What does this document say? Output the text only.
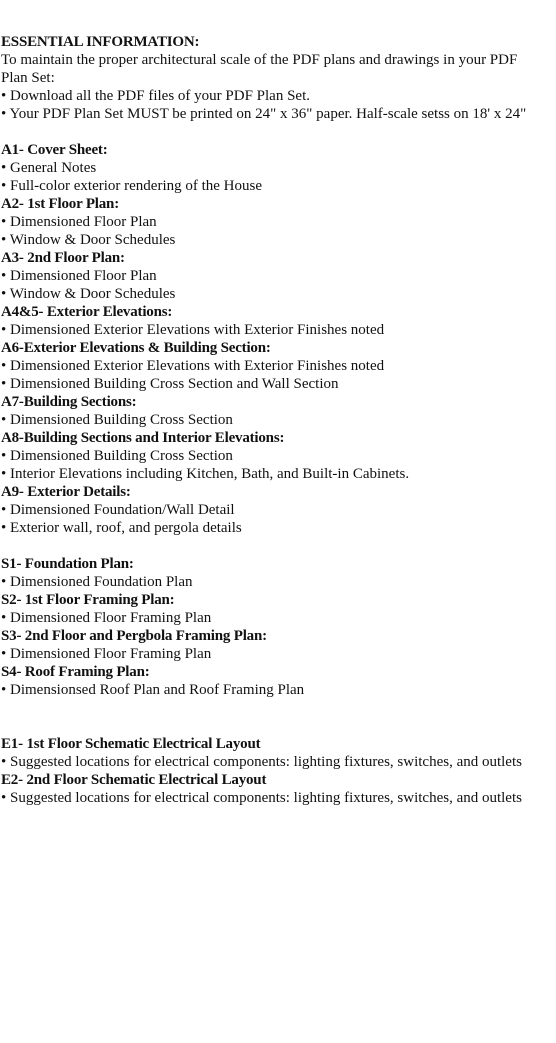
ESSENTIAL INFORMATION:
To maintain the proper architectural scale of the PDF plans and drawings in your PDF Plan Set:
• Download all the PDF files of your PDF Plan Set.
• Your PDF Plan Set MUST be printed on 24" x 36" paper. Half-scale setss on 18' x 24"
A1- Cover Sheet:
• General Notes
• Full-color exterior rendering of the House
A2- 1st Floor Plan:
• Dimensioned Floor Plan
• Window & Door Schedules
A3- 2nd Floor Plan:
• Dimensioned Floor Plan
• Window & Door Schedules
A4&5- Exterior Elevations:
• Dimensioned Exterior Elevations with Exterior Finishes noted
A6-Exterior Elevations & Building Section:
• Dimensioned Exterior Elevations with Exterior Finishes noted
• Dimensioned Building Cross Section and Wall Section
A7-Building Sections:
• Dimensioned Building Cross Section
A8-Building Sections and Interior Elevations:
• Dimensioned Building Cross Section
• Interior Elevations including Kitchen, Bath, and Built-in Cabinets.
A9- Exterior Details:
• Dimensioned Foundation/Wall Detail
• Exterior wall, roof, and pergola details
S1- Foundation Plan:
• Dimensioned Foundation Plan
S2- 1st Floor Framing Plan:
• Dimensioned Floor Framing Plan
S3- 2nd Floor and Pergbola Framing Plan:
• Dimensioned Floor Framing Plan
S4- Roof Framing Plan:
• Dimensionsed Roof Plan and Roof Framing Plan
E1- 1st Floor Schematic Electrical Layout
• Suggested locations for electrical components: lighting fixtures, switches, and outlets
E2- 2nd Floor Schematic Electrical Layout
• Suggested locations for electrical components: lighting fixtures, switches, and outlets
